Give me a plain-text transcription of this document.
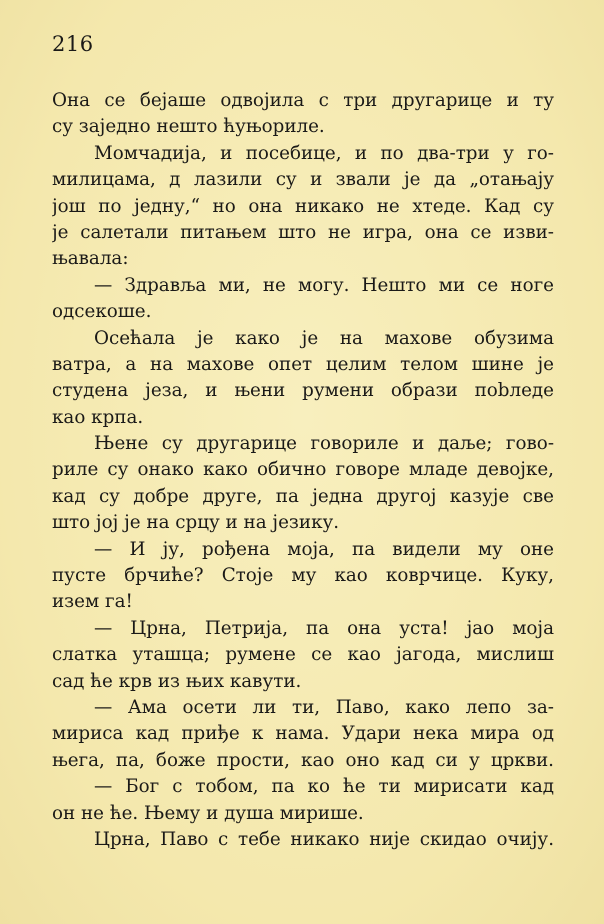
216
Она се бејаше одвојила с три другарице и ту
су заједно нешто ћуњориле.
Момчадија, и посебице, и по два-три у го-
милицама, д лазили су и звали је да „отањају
још по једну,“ но она никако не хтеде. Кад су
је салетали питањем што не игра, она се изви-
њавала:
— Здравља ми, не могу. Нешто ми се ноге
одсекоше.
Осећала је како је на махове обузима
ватра, а на махове опет целим телом шине је
студена језа, и њени румени образи пobледе
као крпа.
Њене су другарице говориле и даље; гово-
риле су онако како обично говоре младе девојке,
кад су добре друге, па једна другој казује све
што јој је на срцу и на језику.
— И ју, рођена моја, па видели му оне
пусте брчиће? Стоје му као коврчице. Куку,
изем га!
— Црна, Петрија, па она уста! јао моја
слатка уташца; румене се као јагода, мислиш
сад ће крв из њих кавути.
— Ама осети ли ти, Паво, како лепо за-
мириса кад приђе к нама. Удари нека мира од
њега, па, боже прости, као оно кад си у цркви.
— Бог с тобом, па ко ће ти мирисати кад
он не ће. Њему и душа мирише.
Црна, Паво с тебе никако није скидао очију.
